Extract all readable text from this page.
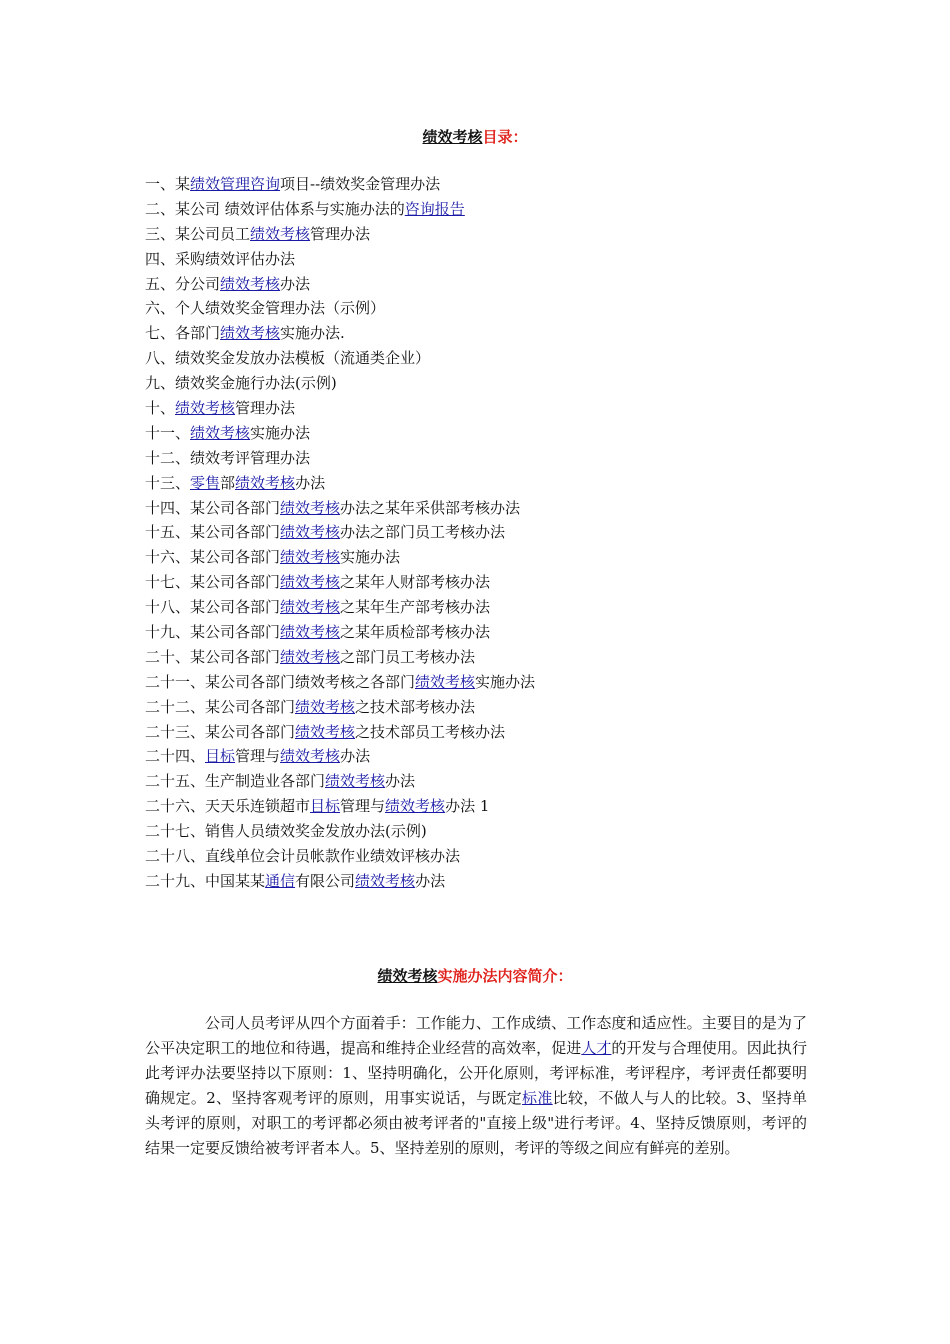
绩效考核目录：
一、某绩效管理咨询项目--绩效奖金管理办法
二、某公司 绩效评估体系与实施办法的咨询报告
三、某公司员工绩效考核管理办法
四、采购绩效评估办法
五、分公司绩效考核办法
六、个人绩效奖金管理办法（示例）
七、各部门绩效考核实施办法.
八、绩效奖金发放办法模板（流通类企业）
九、绩效奖金施行办法(示例)
十、绩效考核管理办法
十一、绩效考核实施办法
十二、绩效考评管理办法
十三、零售部绩效考核办法
十四、某公司各部门绩效考核办法之某年采供部考核办法
十五、某公司各部门绩效考核办法之部门员工考核办法
十六、某公司各部门绩效考核实施办法
十七、某公司各部门绩效考核之某年人财部考核办法
十八、某公司各部门绩效考核之某年生产部考核办法
十九、某公司各部门绩效考核之某年质检部考核办法
二十、某公司各部门绩效考核之部门员工考核办法
二十一、某公司各部门绩效考核之各部门绩效考核实施办法
二十二、某公司各部门绩效考核之技术部考核办法
二十三、某公司各部门绩效考核之技术部员工考核办法
二十四、目标管理与绩效考核办法
二十五、生产制造业各部门绩效考核办法
二十六、天天乐连锁超市目标管理与绩效考核办法 1
二十七、销售人员绩效奖金发放办法(示例)
二十八、直线单位会计员帐款作业绩效评核办法
二十九、中国某某通信有限公司绩效考核办法
绩效考核实施办法内容简介：

公司人员考评从四个方面着手：工作能力、工作成绩、工作态度和适应性。主要目的是为了公平决定职工的地位和待遇，提高和维持企业经营的高效率，促进人才的开发与合理使用。因此执行此考评办法要坚持以下原则：1、坚持明确化，公开化原则，考评标准，考评程序，考评责任都要明确规定。2、坚持客观考评的原则，用事实说话，与既定标准比较，不做人与人的比较。3、坚持单头考评的原则，对职工的考评都必须由被考评者的"直接上级"进行考评。4、坚持反馈原则，考评的结果一定要反馈给被考评者本人。5、坚持差别的原则，考评的等级之间应有鲜亮的差别。
